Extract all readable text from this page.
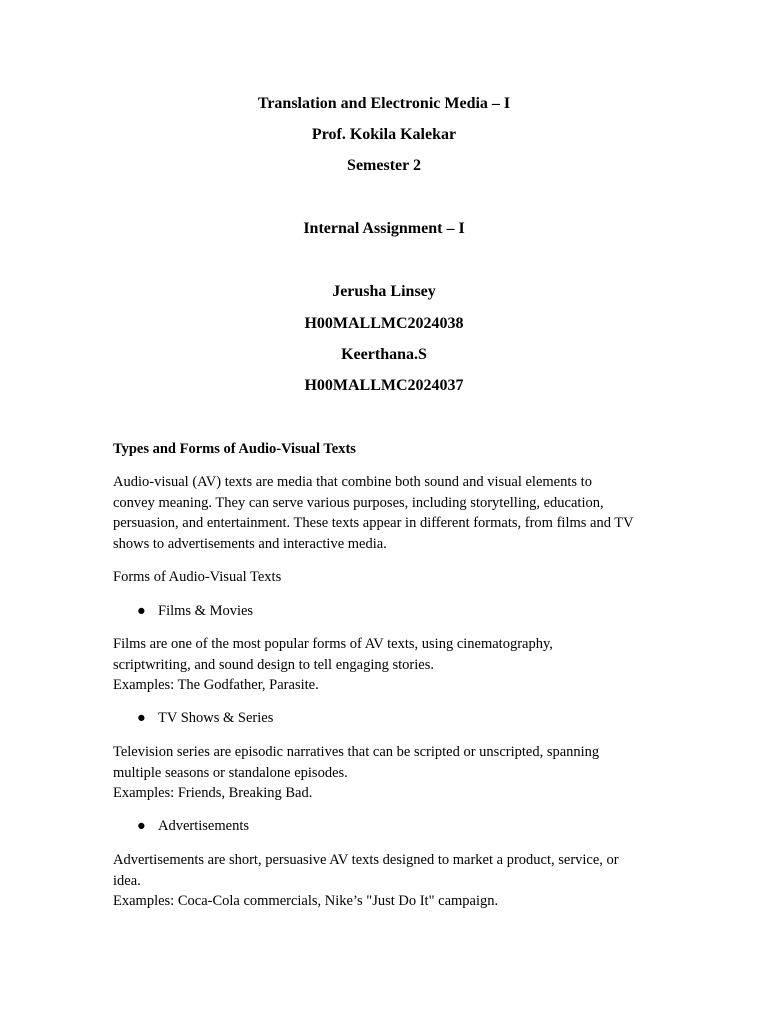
Translation and Electronic Media – I
Prof. Kokila Kalekar
Semester 2
Internal Assignment – I
Jerusha Linsey
H00MALLMC2024038
Keerthana.S
H00MALLMC2024037
Types and Forms of Audio-Visual Texts

Audio-visual (AV) texts are media that combine both sound and visual elements to

convey meaning. They can serve various purposes, including storytelling, education,

persuasion, and entertainment. These texts appear in different formats, from films and TV

shows to advertisements and interactive media.

Forms of Audio-Visual Texts
● Films & Movies

Films are one of the most popular forms of AV texts, using cinematography,

scriptwriting, and sound design to tell engaging stories.

Examples: The Godfather, Parasite.

● TV Shows & Series

Television series are episodic narratives that can be scripted or unscripted, spanning

multiple seasons or standalone episodes.

Examples: Friends, Breaking Bad.

● Advertisements

Advertisements are short, persuasive AV texts designed to market a product, service, or

idea.

Examples: Coca-Cola commercials, Nike’s "Just Do It" campaign.
